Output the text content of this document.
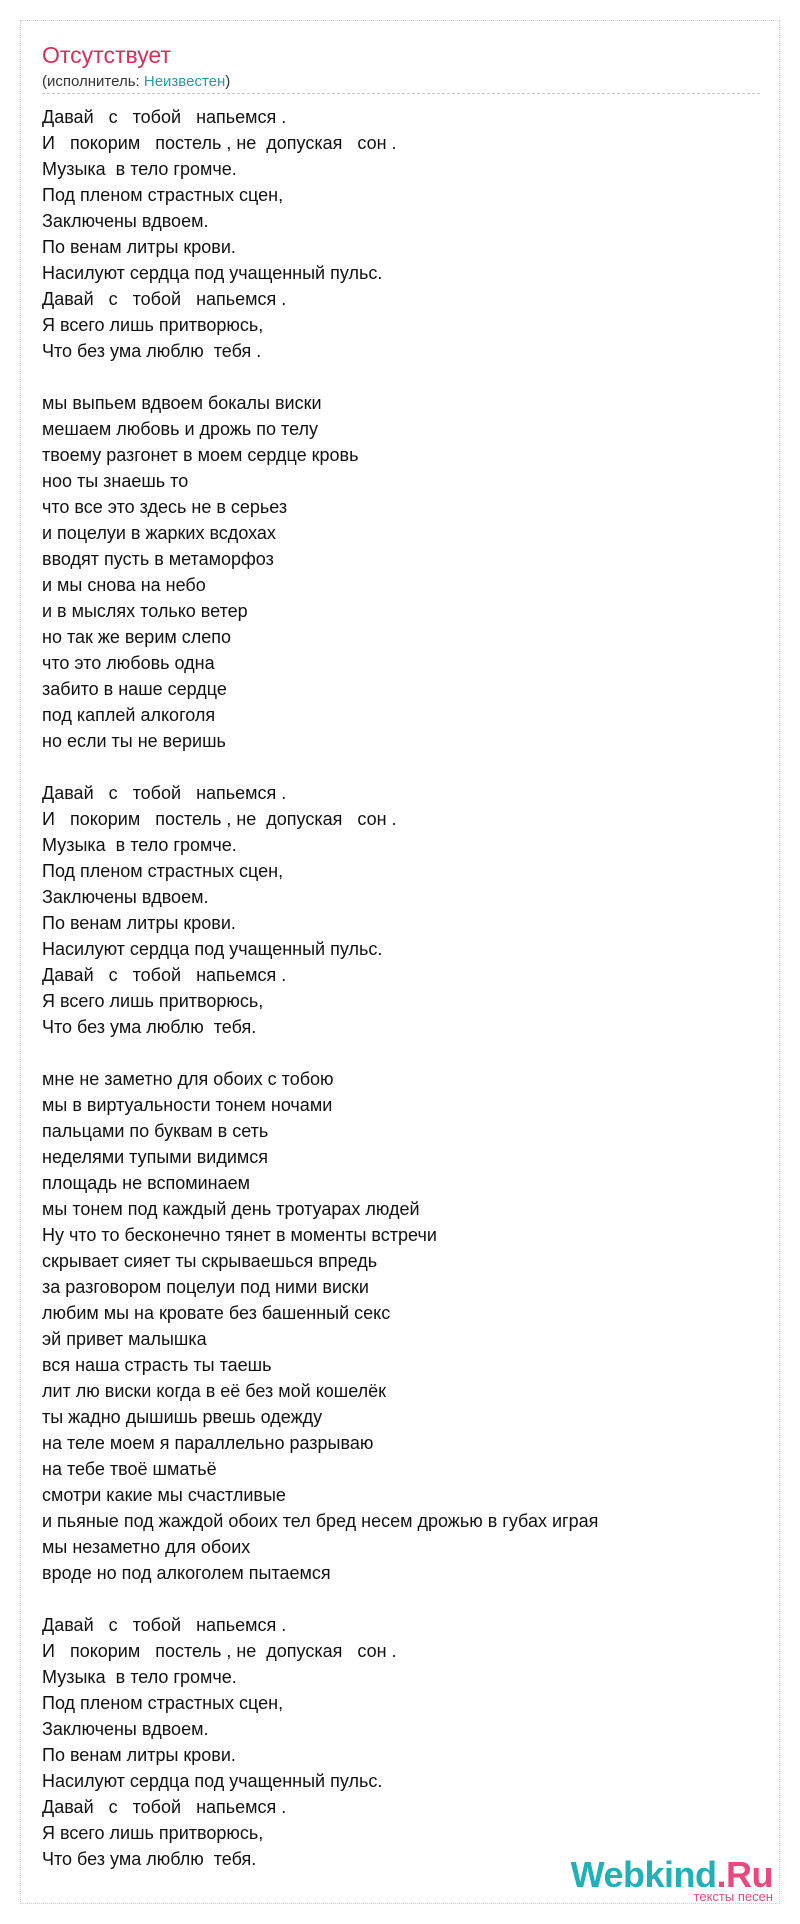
Отсутствует
(исполнитель: Неизвестен)
Давай   с   тобой   напьемся .
И   покорим   постель , не  допуская   сон .
Музыка  в тело громче.
Под пленом страстных сцен,
Заключены вдвоем.
По венам литры крови.
Насилуют сердца под учащенный пульс.
Давай   с   тобой   напьемся .
Я всего лишь притворюсь,
Что без ума люблю  тебя .
мы выпьем вдвоем бокалы виски
мешаем любовь и дрожь по телу
твоему разгонет в моем сердце кровь
ноо ты знаешь то
что все это здесь не в серьез
и поцелуи в жарких всдохах
вводят пусть в метаморфоз
и мы снова на небо
и в мыслях только ветер
но так же верим слепо
что это любовь одна
забито в наше сердце
под каплей алкоголя
но если ты не веришь
Давай   с   тобой   напьемся .
И   покорим   постель , не  допуская   сон .
Музыка  в тело громче.
Под пленом страстных сцен,
Заключены вдвоем.
По венам литры крови.
Насилуют сердца под учащенный пульс.
Давай   с   тобой   напьемся .
Я всего лишь притворюсь,
Что без ума люблю  тебя.
мне не заметно для обоих с тобою
мы в виртуальности тонем ночами
пальцами по буквам в сеть
неделями тупыми видимся
площадь не вспоминаем
мы тонем под каждый день тротуарах людей
Ну что то бесконечно тянет в моменты встречи
скрывает сияет ты скрываешься впредь
за разговором поцелуи под ними виски
любим мы на кровате без башенный секс
эй привет малышка
вся наша страсть ты таешь
лит лю виски когда в её без мой кошелёк
ты жадно дышишь рвешь одежду
на теле моем я параллельно разрываю
на тебе твоё шматьё
смотри какие мы счастливые
и пьяные под жаждой обоих тел бред несем дрожью в губах играя
мы незаметно для обоих
вроде но под алкоголем пытаемся
Давай   с   тобой   напьемся .
И   покорим   постель , не  допуская   сон .
Музыка  в тело громче.
Под пленом страстных сцен,
Заключены вдвоем.
По венам литры крови.
Насилуют сердца под учащенный пульс.
Давай   с   тобой   напьемся .
Я всего лишь притворюсь,
Что без ума люблю  тебя.	Webkind.Ru
тексты песен
